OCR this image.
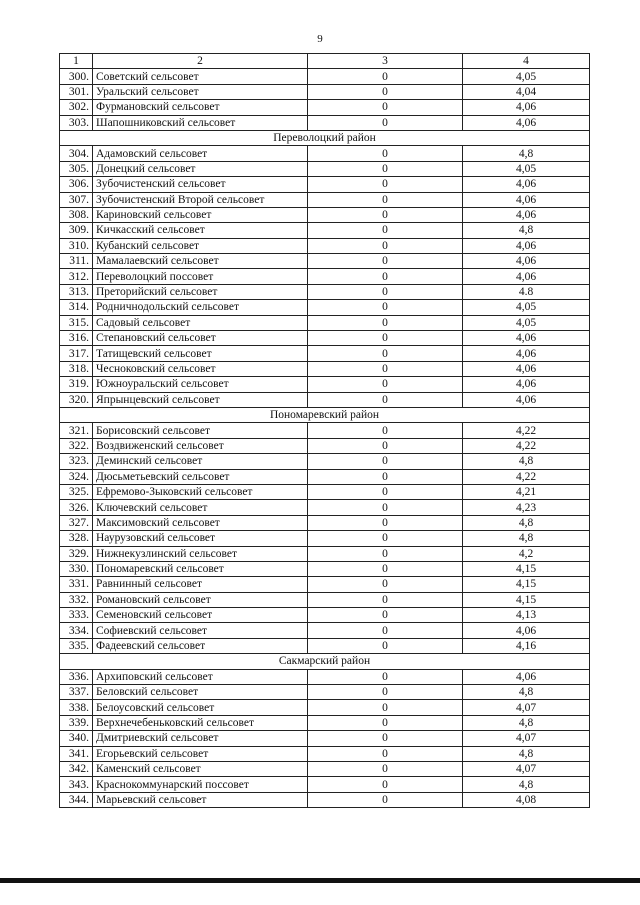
9
1	2	3	4
300.	Советский сельсовет	0	4,05
301.	Уральский сельсовет	0	4,04
302.	Фурмановский сельсовет	0	4,06
303.	Шапошниковский сельсовет	0	4,06
Переволоцкий район			
304.	Адамовский сельсовет	0	4,8
305.	Донецкий сельсовет	0	4,05
306.	Зубочистенский сельсовет	0	4,06
307.	Зубочистенский Второй сельсовет	0	4,06
308.	Кариновский сельсовет	0	4,06
309.	Кичкасский сельсовет	0	4,8
310.	Кубанский сельсовет	0	4,06
311.	Мамалаевский сельсовет	0	4,06
312.	Переволоцкий поссовет	0	4,06
313.	Преторийский сельсовет	0	4.8
314.	Родничнодольский сельсовет	0	4,05
315.	Садовый сельсовет	0	4,05
316.	Степановский сельсовет	0	4,06
317.	Татищевский сельсовет	0	4,06
318.	Чесноковский сельсовет	0	4,06
319.	Южноуральский сельсовет	0	4,06
320.	Япрынцевский сельсовет	0	4,06
Пономаревский район			
321.	Борисовский сельсовет	0	4,22
322.	Воздвиженский сельсовет	0	4,22
323.	Деминский сельсовет	0	4,8
324.	Дюсьметьевский сельсовет	0	4,22
325.	Ефремово-Зыковский сельсовет	0	4,21
326.	Ключевский сельсовет	0	4,23
327.	Максимовский сельсовет	0	4,8
328.	Наурузовский сельсовет	0	4,8
329.	Нижнекузлинский сельсовет	0	4,2
330.	Пономаревский сельсовет	0	4,15
331.	Равнинный сельсовет	0	4,15
332.	Романовский сельсовет	0	4,15
333.	Семеновский сельсовет	0	4,13
334.	Софиевский сельсовет	0	4,06
335.	Фадеевский сельсовет	0	4,16
Сакмарский район			
336.	Архиповский сельсовет	0	4,06
337.	Беловский сельсовет	0	4,8
338.	Белоусовский сельсовет	0	4,07
339.	Верхнечебеньковский сельсовет	0	4,8
340.	Дмитриевский сельсовет	0	4,07
341.	Егорьевский сельсовет	0	4,8
342.	Каменский сельсовет	0	4,07
343.	Краснокоммунарский поссовет	0	4,8
344.	Марьевский сельсовет	0	4,08
